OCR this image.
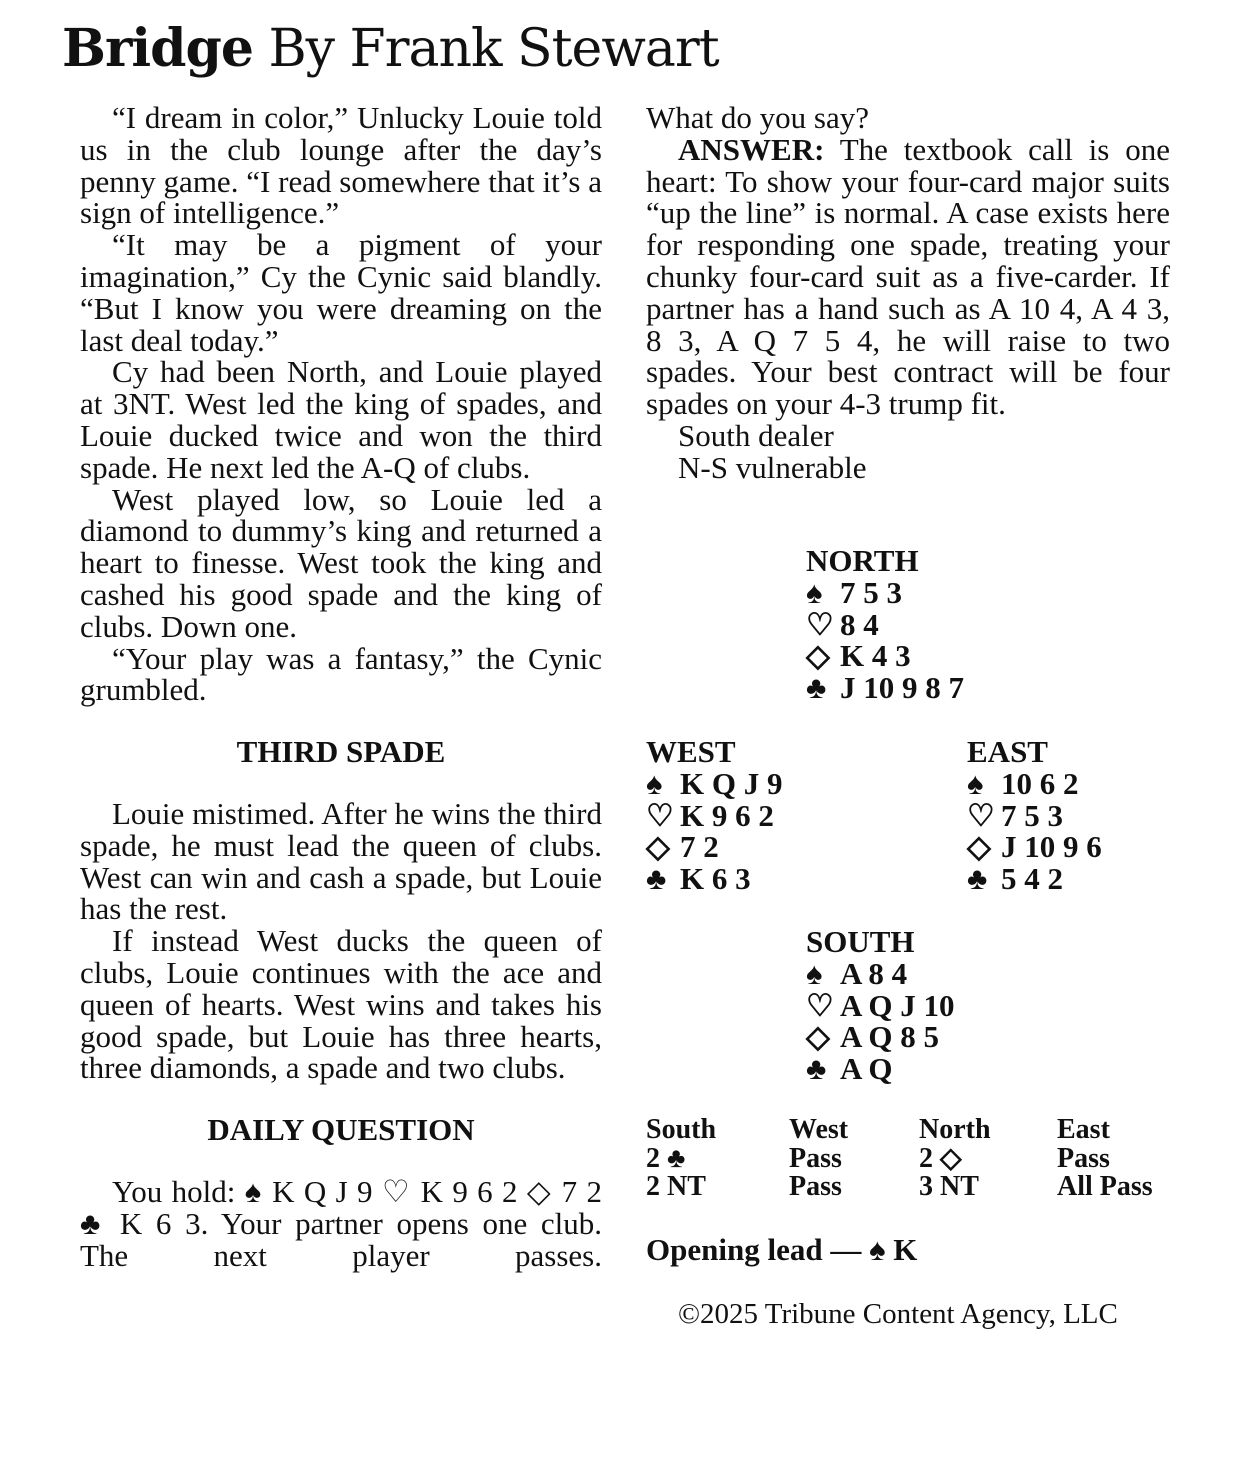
Bridge By Frank Stewart

“I dream in color,” Unlucky Louie told us in the club lounge after the day’s penny game. “I read somewhere that it’s a sign of intelligence.”

“It may be a pigment of your imagination,” Cy the Cynic said blandly. “But I know you were dreaming on the last deal today.”

Cy had been North, and Louie played at 3NT. West led the king of spades, and Louie ducked twice and won the third spade. He next led the A-Q of clubs.

West played low, so Louie led a diamond to dummy’s king and returned a heart to finesse. West took the king and cashed his good spade and the king of clubs. Down one.

“Your play was a fantasy,” the Cynic grumbled.

THIRD SPADE

Louie mistimed. After he wins the third spade, he must lead the queen of clubs. West can win and cash a spade, but Louie has the rest.

If instead West ducks the queen of clubs, Louie continues with the ace and queen of hearts. West wins and takes his good spade, but Louie has three hearts, three diamonds, a spade and two clubs.

DAILY QUESTION

You hold: ♠ K Q J 9 ♡ K 9 6 2 ◇ 7 2 ♣ K 6 3. Your partner opens one club. The next player passes.

What do you say?

ANSWER: The textbook call is one heart: To show your four-card major suits “up the line” is normal. A case exists here for responding one spade, treating your chunky four-card suit as a five-carder. If partner has a hand such as A 10 4, A 4 3, 8 3, A Q 7 5 4, he will raise to two spades. Your best contract will be four spades on your 4-3 trump fit.

South dealer

N-S vulnerable

NORTH
♠ 7 5 3
♡ 8 4
◇ K 4 3
♣ J 10 9 8 7
WEST
♠ K Q J 9
♡ K 9 6 2
◇ 7 2
♣ K 6 3
EAST
♠ 10 6 2
♡ 7 5 3
◇ J 10 9 6
♣ 5 4 2
SOUTH
♠ A 8 4
♡ A Q J 10
◇ A Q 8 5
♣ A Q
South	West	North	East
2 ♣	Pass	2 ◇	Pass
2 NT	Pass	3 NT	All Pass
Opening lead — ♠ K
©2025 Tribune Content Agency, LLC
